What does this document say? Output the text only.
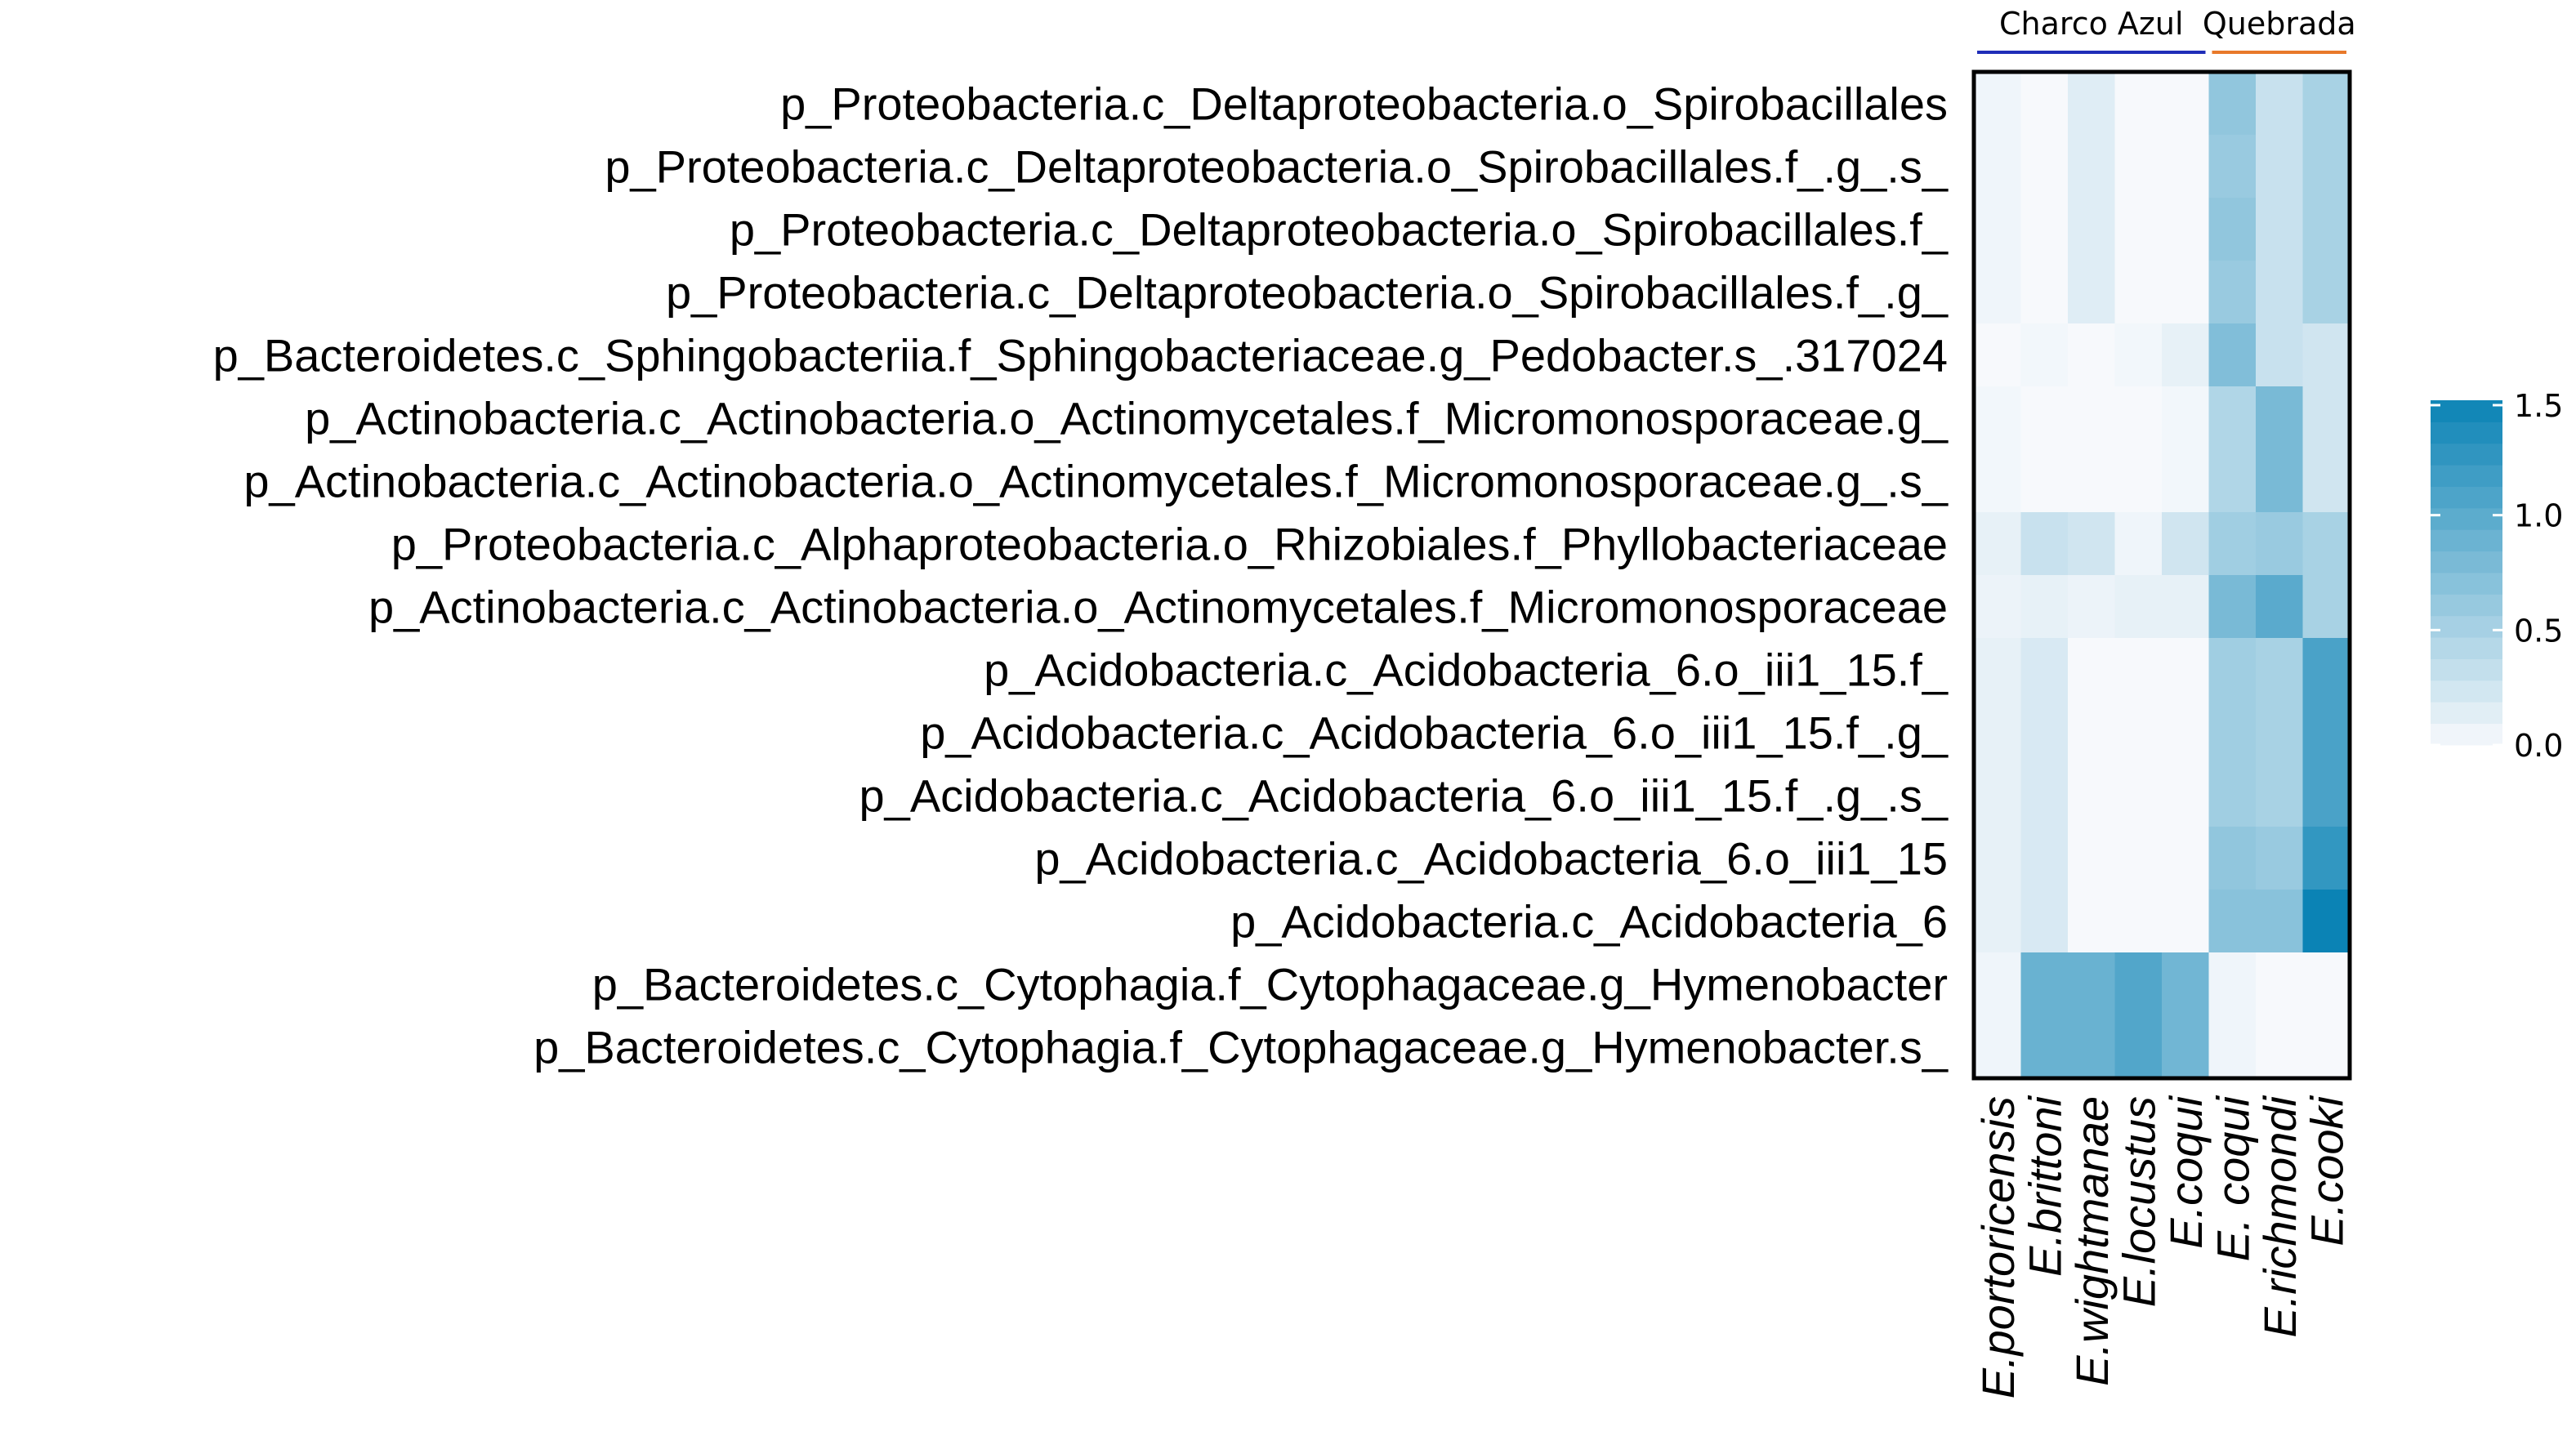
Charco Azul Quebrada
p_Proteobacteria.c_Deltaproteobacteria.o_Spirobacillales
p_Proteobacteria.c_Deltaproteobacteria.o_Spirobacillales.f_.g_.s_
p_Proteobacteria.c_Deltaproteobacteria.o_Spirobacillales.f_
p_Proteobacteria.c_Deltaproteobacteria.o_Spirobacillales.f_.g_
p_Bacteroidetes.c_Sphingobacteriia.f_Sphingobacteriaceae.g_Pedobacter.s_.317024
p_Actinobacteria.c_Actinobacteria.o_Actinomycetales.f_Micromonosporaceae.g_
p_Actinobacteria.c_Actinobacteria.o_Actinomycetales.f_Micromonosporaceae.g_.s_
p_Proteobacteria.c_Alphaproteobacteria.o_Rhizobiales.f_Phyllobacteriaceae
p_Actinobacteria.c_Actinobacteria.o_Actinomycetales.f_Micromonosporaceae
p_Acidobacteria.c_Acidobacteria_6.o_iii1_15.f_
p_Acidobacteria.c_Acidobacteria_6.o_iii1_15.f_.g_
p_Acidobacteria.c_Acidobacteria_6.o_iii1_15.f_.g_.s_
p_Acidobacteria.c_Acidobacteria_6.o_iii1_15
p_Acidobacteria.c_Acidobacteria_6
p_Bacteroidetes.c_Cytophagia.f_Cytophagaceae.g_Hymenobacter
p_Bacteroidetes.c_Cytophagia.f_Cytophagaceae.g_Hymenobacter.s_
E.portoricensis
E.brittoni
E.wightmanae
E.locustus
E.coqui
E. coqui
E.richmondi
E.cooki
0.0
0.5
1.0
1.5
